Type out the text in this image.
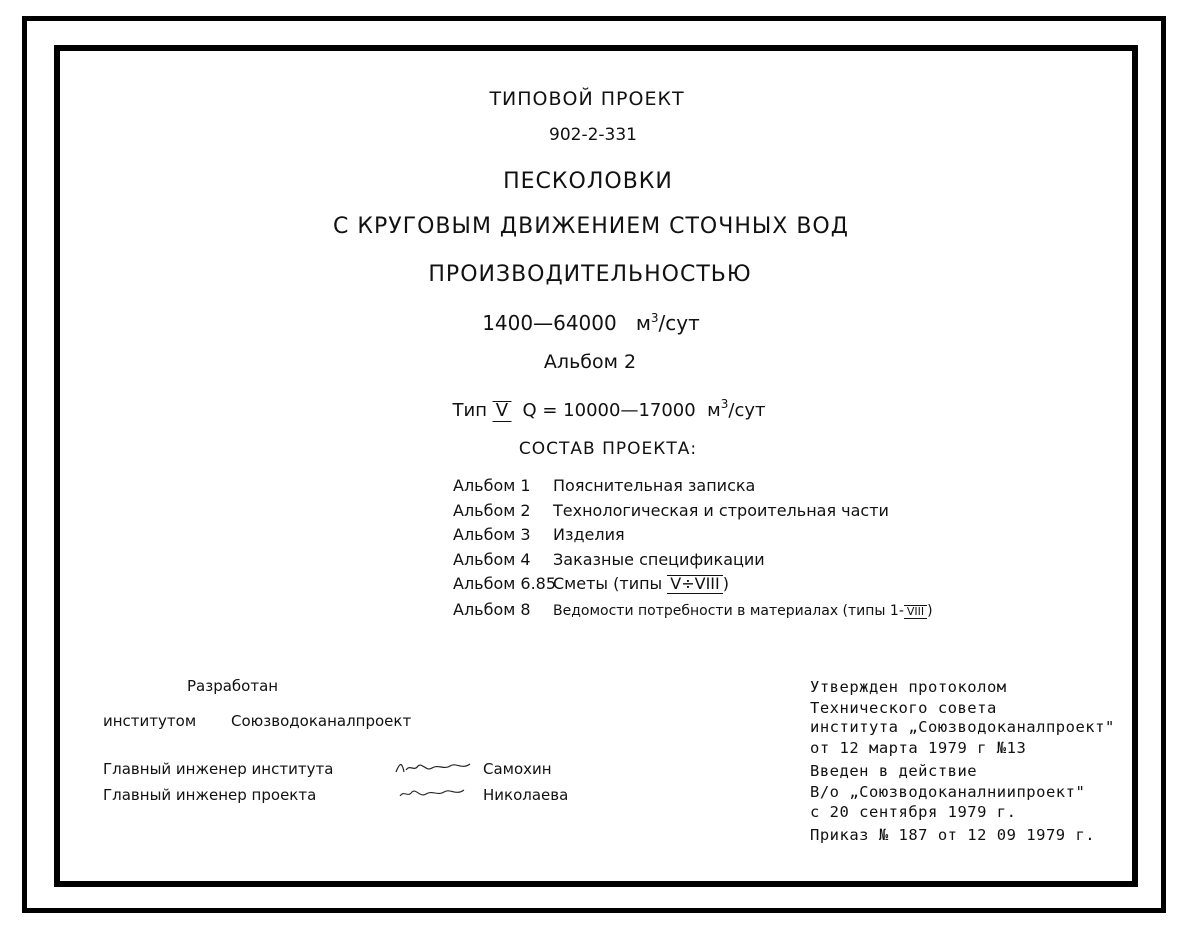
ТИПОВОЙ ПРОЕКТ
902-2-331
ПЕСКОЛОВКИ
С КРУГОВЫМ ДВИЖЕНИЕМ СТОЧНЫХ ВОД
ПРОИЗВОДИТЕЛЬНОСТЬЮ
1400—64000 $м^3$/сут
Альбом 2
Тип V Q = 10000—17000 $м^3$/сут
СОСТАВ ПРОЕКТА:
Альбом 1 Пояснительная записка
Альбом 2 Технологическая и строительная части
Альбом 3 Изделия
Альбом 4 Заказные спецификации
Альбом 6.85Сметы (типы V÷VIII )
Альбом 8 Ведомости потребности в материалах (типы 1- VIII )
Разработан
институтом Союзводоканалпроект
Главный инженер института	Самохин
Главный инженер проекта	Николаева
Утвержден протоколом
Технического совета
института „Союзводоканалпроект"
от 12 марта 1979 г №13
Введен в действие
В/о „Союзводоканалниипроект"
с 20 сентября 1979 г.
Приказ № 187 от 12 09 1979 г.
